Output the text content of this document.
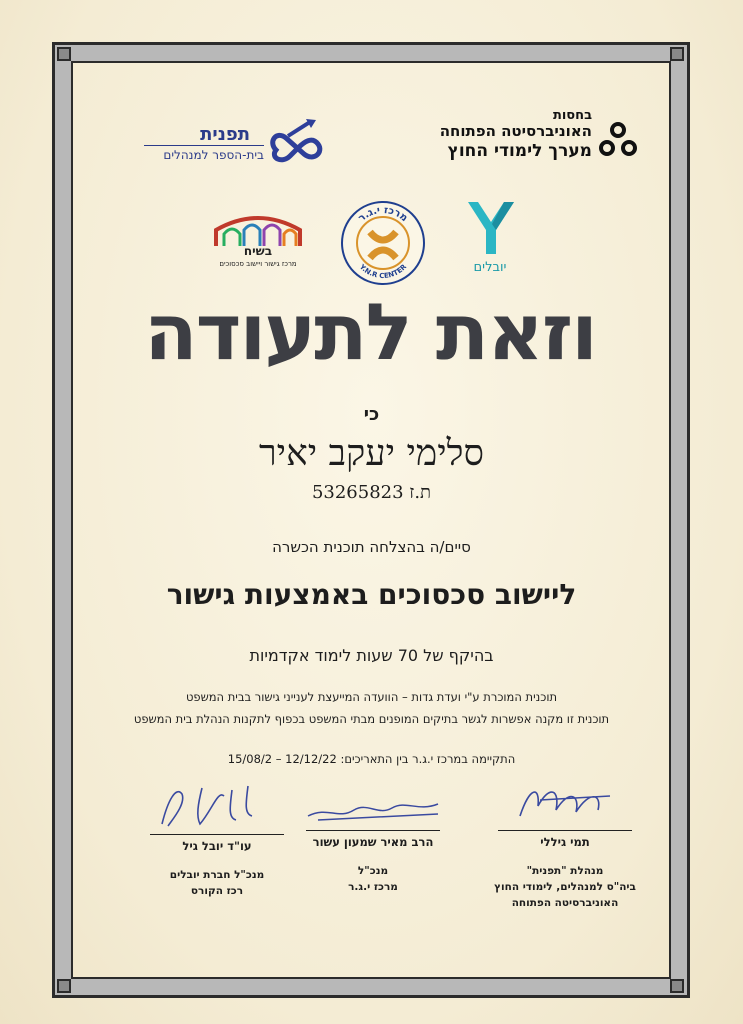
בחסות
האוניברסיטה הפתוחה
מערך לימודי החוץ
תפנית
בית-הספר למנהלים
יובלים
מרכז י.ג.ר
Y.N.R CENTER
בשיח
מרכז גישור ויישוב סכסוכים
וזאת לתעודה
כי
סלימי יעקב יאיר
ת.ז 53265823
סיים/ה בהצלחה תוכנית הכשרה
ליישוב סכסוכים באמצעות גישור
בהיקף של 70 שעות לימוד אקדמיות
תוכנית המוכרת ע"י ועדת גדות – הוועדה המייעצת לענייני גישור בבית המשפט
תוכנית זו מקנה אפשרות לגשר בתיקים המופנים מבתי המשפט בכפוף לתקנות הנהלת בית המשפט
התקיימה במרכז י.ג.ר בין התאריכים: 12/12/22 – 15/08/2
תמי גיללי
מנהלת "תפנית"
ביה"ס למנהלים, לימודי החוץ
האוניברסיטה הפתוחה
הרב מאיר שמעון עשור
מנכ"ל
מרכז י.ג.ר
עו"ד יובל גיל
מנכ"ל חברת יובלים
רכז הקורס
